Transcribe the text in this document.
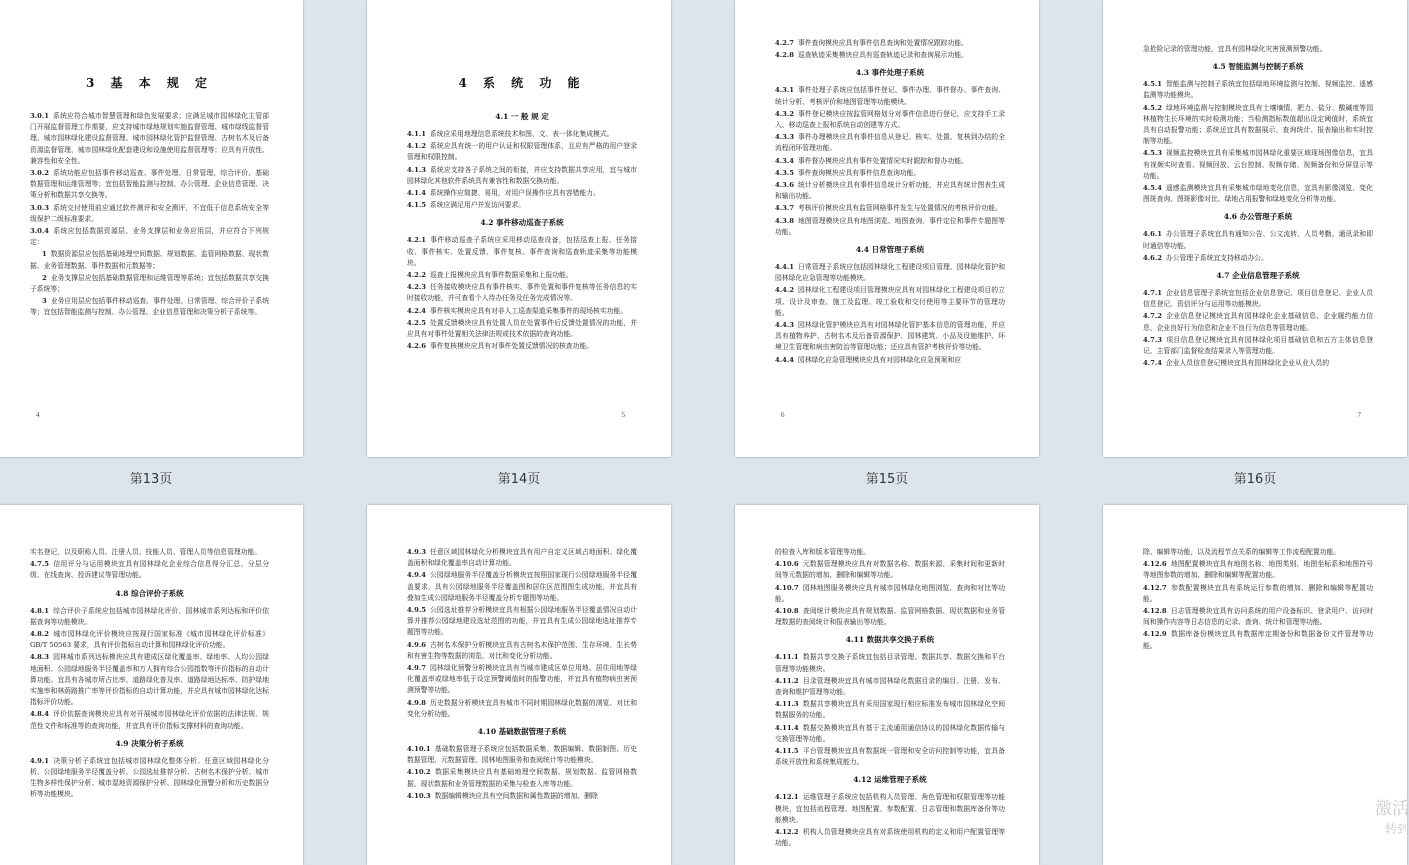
3 基 本 规 定
3.0.1 系统应符合城市智慧管理和绿色发展要求；应满足城市园林绿化主管部门开展监督管理工作需要，应支持城市绿地规划实施监督管理、城市绿线监督管理、城市园林绿化建设监督管理、城市园林绿化管护监督管理、古树名木及后备资源监督管理、城市园林绿化配套建设和设施使用监督管理等；应具有开放性、兼容性和安全性。
3.0.2 系统功能应包括事件移动巡查、事件处理、日常管理、综合评价、基础数据管理和运维管理等；宜包括智能监测与控制、办公管理、企业信息管理、决策分析和数据共享交换等。
3.0.3 系统交付使用前应通过软件测评和安全测评，不宜低于信息系统安全等级保护二级标准要求。
3.0.4 系统应包括数据资源层、业务支撑层和业务应用层，并应符合下列规定：
1 数据资源层应包括基础地理空间数据、规划数据、监管网格数据、现状数据、业务管理数据、事件数据和元数据等；
2 业务支撑层应包括基础数据管理和运维管理等系统；宜包括数据共享交换子系统等；
3 业务应用层应包括事件移动巡查、事件处理、日常管理、综合评价子系统等；宜包括智能监测与控制、办公管理、企业信息管理和决策分析子系统等。
4
第13页
4 系 统 功 能
4.1 一 般 规 定
4.1.1 系统应采用地理信息系统技术和图、文、表一体化集成模式。
4.1.2 系统应具有统一的用户认证和权限管理体系，且应有严格的用户登录管理和权限控制。
4.1.3 系统应支持各子系统之间的衔接，并应支持数据共享应用，宜与城市园林绿化其他软件系统具有兼容性和数据交换功能。
4.1.4 系统操作应简捷、易用，对用户误操作应具有容错能力。
4.1.5 系统应满足用户并发访问要求。
4.2 事件移动巡查子系统
4.2.1 事件移动巡查子系统应采用移动巡查设备，包括巡查上报、任务接收、事件核实、处置反馈、事件复核、事件查询和巡查轨迹采集等功能模块。
4.2.2 巡查上报模块应具有事件数据采集和上报功能。
4.2.3 任务接收模块应具有事件核实、事件处置和事件复核等任务信息的实时接收功能，并可查看个人待办任务及任务完成情况等。
4.2.4 事件核实模块应具有对非人工巡查渠道采集事件的现场核实功能。
4.2.5 处置反馈模块应具有处置人员在处置事件后反馈处置情况的功能，并应具有对事件处置相关法律法规或技术依据的查询功能。
4.2.6 事件复核模块应具有对事件处置反馈情况的核查功能。
5
第14页
4.2.7 事件查询模块应具有事件信息查询和处置情况跟踪功能。
4.2.8 巡查轨迹采集模块应具有巡查轨迹记录和查询展示功能。
4.3 事件处理子系统
4.3.1 事件处理子系统应包括事件登记、事件办理、事件督办、事件查询、统计分析、考核评价和地图管理等功能模块。
4.3.2 事件登记模块应按监管网格划分对事件信息进行登记，应支持手工录入、移动巡查上报和系统自动创建等方式。
4.3.3 事件办理模块应具有事件信息从登记、核实、处置、复核到办结的全流程闭环管理功能。
4.3.4 事件督办模块应具有事件处置情况实时跟踪和督办功能。
4.3.5 事件查询模块应具有事件信息查询功能。
4.3.6 统计分析模块应具有事件信息统计分析功能，并应具有统计图表生成和输出功能。
4.3.7 考核评价模块应具有监管网格事件发生与处置情况的考核评价功能。
4.3.8 地图管理模块应具有地图浏览、地图查询、事件定位和事件专题图等功能。
4.4 日常管理子系统
4.4.1 日常管理子系统应包括园林绿化工程建设项目管理、园林绿化管护和园林绿化应急管理等功能模块。
4.4.2 园林绿化工程建设项目管理模块应具有对园林绿化工程建设项目的立项、设计及审查、施工及监理、竣工验收和交付使用等主要环节的管理功能。
4.4.3 园林绿化管护模块应具有对园林绿化管护基本信息的管理功能，并应具有植物养护、古树名木及后备资源保护、园林建筑、小品及设施维护、环境卫生管理和病虫害防治等管理功能；还应具有管护考核评价等功能。
4.4.4 园林绿化应急管理模块应具有对园林绿化应急预案和应
6
第15页
急抢险记录的管理功能，宜具有园林绿化灾害预测预警功能。
4.5 智能监测与控制子系统
4.5.1 智能监测与控制子系统宜包括绿地环境监测与控制、视频监控、遥感监测等功能模块。
4.5.2 绿地环境监测与控制模块宜具有土壤墒情、肥力、盐分、酸碱度等园林植物生长环境的实时检测功能；当检测指标数值超出设定阈值时，系统宜具有自动报警功能；系统还宜具有数据展示、查询统计、报表输出和实时控制等功能。
4.5.3 视频监控模块宜具有采集城市园林绿化重要区域现场图像信息，宜具有视频实时查看、视频回放、云台控制、视频存储、视频备份和分屏显示等功能。
4.5.4 遥感监测模块宜具有采集城市绿地变化信息，宜具有影像浏览、变化图斑查询、图斑影像对比、绿地占用报警和绿地变化分析等功能。
4.6 办公管理子系统
4.6.1 办公管理子系统宜具有通知公告、公文流转、人员考勤、通讯录和即时通信等功能。
4.6.2 办公管理子系统宜支持移动办公。
4.7 企业信息管理子系统
4.7.1 企业信息管理子系统宜包括企业信息登记、项目信息登记、企业人员信息登记、资信评分与运用等功能模块。
4.7.2 企业信息登记模块宜具有园林绿化企业基础信息、企业履约能力信息、企业良好行为信息和企业不良行为信息等管理功能。
4.7.3 项目信息登记模块宜具有园林绿化项目基础信息和五方主体信息登记、主管部门监督检查结果录入等管理功能。
4.7.4 企业人员信息登记模块宜具有园林绿化企业从业人员的
7
第16页
实名登记，以及职称人员、注册人员、技能人员、管理人员等信息管理功能。
4.7.5 信用评分与运用模块宜具有园林绿化企业综合信息得分汇总、分层分级、在线查询、投诉建议等管理功能。
4.8 综合评价子系统
4.8.1 综合评价子系统应包括城市园林绿化评价、园林城市系列达标和评价依据查询等功能模块。
4.8.2 城市园林绿化评价模块应按现行国家标准《城市园林绿化评价标准》GB/T 50563 要求，具有评价指标自动计算和园林绿化评价功能。
4.8.3 园林城市系列达标模块应具有建成区绿化覆盖率、绿地率、人均公园绿地面积、公园绿地服务半径覆盖率和万人拥有综合公园指数等评价指标的自动计算功能。宜具有各城市所占比率、道路绿化普及率、道路绿地达标率、防护绿地实施率和林荫路推广率等评价指标的自动计算功能，并应具有城市园林绿化达标指标评价功能。
4.8.4 评价依据查询模块应具有对开展城市园林绿化评价依据的法律法规、规范性文件和标准等的查询功能，并宜具有评价指标支撑材料的查询功能。
4.9 决策分析子系统
4.9.1 决策分析子系统宜包括城市园林绿化整体分析、任意区域园林绿化分析、公园绿地服务半径覆盖分析、公园选址推荐分析、古树名木保护分析、城市生物多样性保护分析、城市湿地资源保护分析、园林绿化预警分析和历史数据分析等功能模块。
4.9.3 任意区域园林绿化分析模块宜具有用户自定义区域占地面积、绿化覆盖面积和绿化覆盖率自动计算功能。
4.9.4 公园绿地服务半径覆盖分析模块宜按照国家现行公园绿地服务半径覆盖要求，具有公园绿地服务半径覆盖图和居住区范围图生成功能，并宜具有叠加生成公园绿地服务半径覆盖分析专题图等功能。
4.9.5 公园选址推荐分析模块宜具有根据公园绿地服务半径覆盖情况自动计算并推荐公园绿地建设选址范围的功能，并宜具有生成公园绿地选址推荐专题图等功能。
4.9.6 古树名木保护分析模块宜具有古树名木保护范围、生存环境、生长势和有害生物等数据的浏览、对比和变化分析功能。
4.9.7 园林绿化预警分析模块宜具有当城市建成区单位用地、居住用地等绿化覆盖率或绿地率低于设定预警阈值时的报警功能，并宜具有植物病虫害预测预警等功能。
4.9.8 历史数据分析模块宜具有城市不同时期园林绿化数据的浏览、对比和变化分析功能。
4.10 基础数据管理子系统
4.10.1 基础数据管理子系统应包括数据采集、数据编辑、数据制图、历史数据管理、元数据管理、园林地图服务和查阅统计等功能模块。
4.10.2 数据采集模块应具有基础地理空间数据、规划数据、监管网格数据、现状数据和业务管理数据的采集与检查入库等功能。
4.10.3 数据编辑模块应具有空间数据和属性数据的增加、删除
的检查入库和版本管理等功能。
4.10.6 元数据管理模块应具有对数据名称、数据来源、采集时间和更新时间等元数据的增加、删除和编辑等功能。
4.10.7 园林地图服务模块应具有城市园林绿化地图浏览、查询和对比等功能。
4.10.8 查阅统计模块应具有规划数据、监管网格数据、现状数据和业务管理数据的查阅统计和报表输出等功能。
4.11 数据共享交换子系统
4.11.1 数据共享交换子系统宜包括目录管理、数据共享、数据交换和平台管理等功能模块。
4.11.2 目录管理模块宜具有城市园林绿化数据目录的编目、注册、发布、查询和维护管理等功能。
4.11.3 数据共享模块宜具有采用国家现行相应标准发布城市园林绿化空间数据服务的功能。
4.11.4 数据交换模块宜具有基于主流通用通信协议的园林绿化数据传输与交换管理等功能。
4.11.5 平台管理模块宜具有数据统一管理和安全访问控制等功能，宜具备系统开放性和系统集成能力。
4.12 运维管理子系统
4.12.1 运维管理子系统应包括机构人员管理、角色管理和权限管理等功能模块，宜包括流程管理、地图配置、参数配置、日志管理和数据库备份等功能模块。
4.12.2 机构人员管理模块应具有对系统使用机构的定义和用户配置管理等功能。
除、编辑等功能，以及流程节点关系的编辑等工作流程配置功能。
4.12.6 地图配置模块宜具有地图名称、地图类别、地图坐标系和地图符号等地图参数的增加、删除和编辑等配置功能。
4.12.7 参数配置模块宜具有系统运行参数的增加、删除和编辑等配置功能。
4.12.8 日志管理模块宜具有访问系统的用户设备标识、登录用户、访问时间和操作内容等日志信息的记录、查询、统计和管理等功能。
4.12.9 数据库备份模块宜具有数据库定期备份和数据备份文件管理等功能。
激活
转到
